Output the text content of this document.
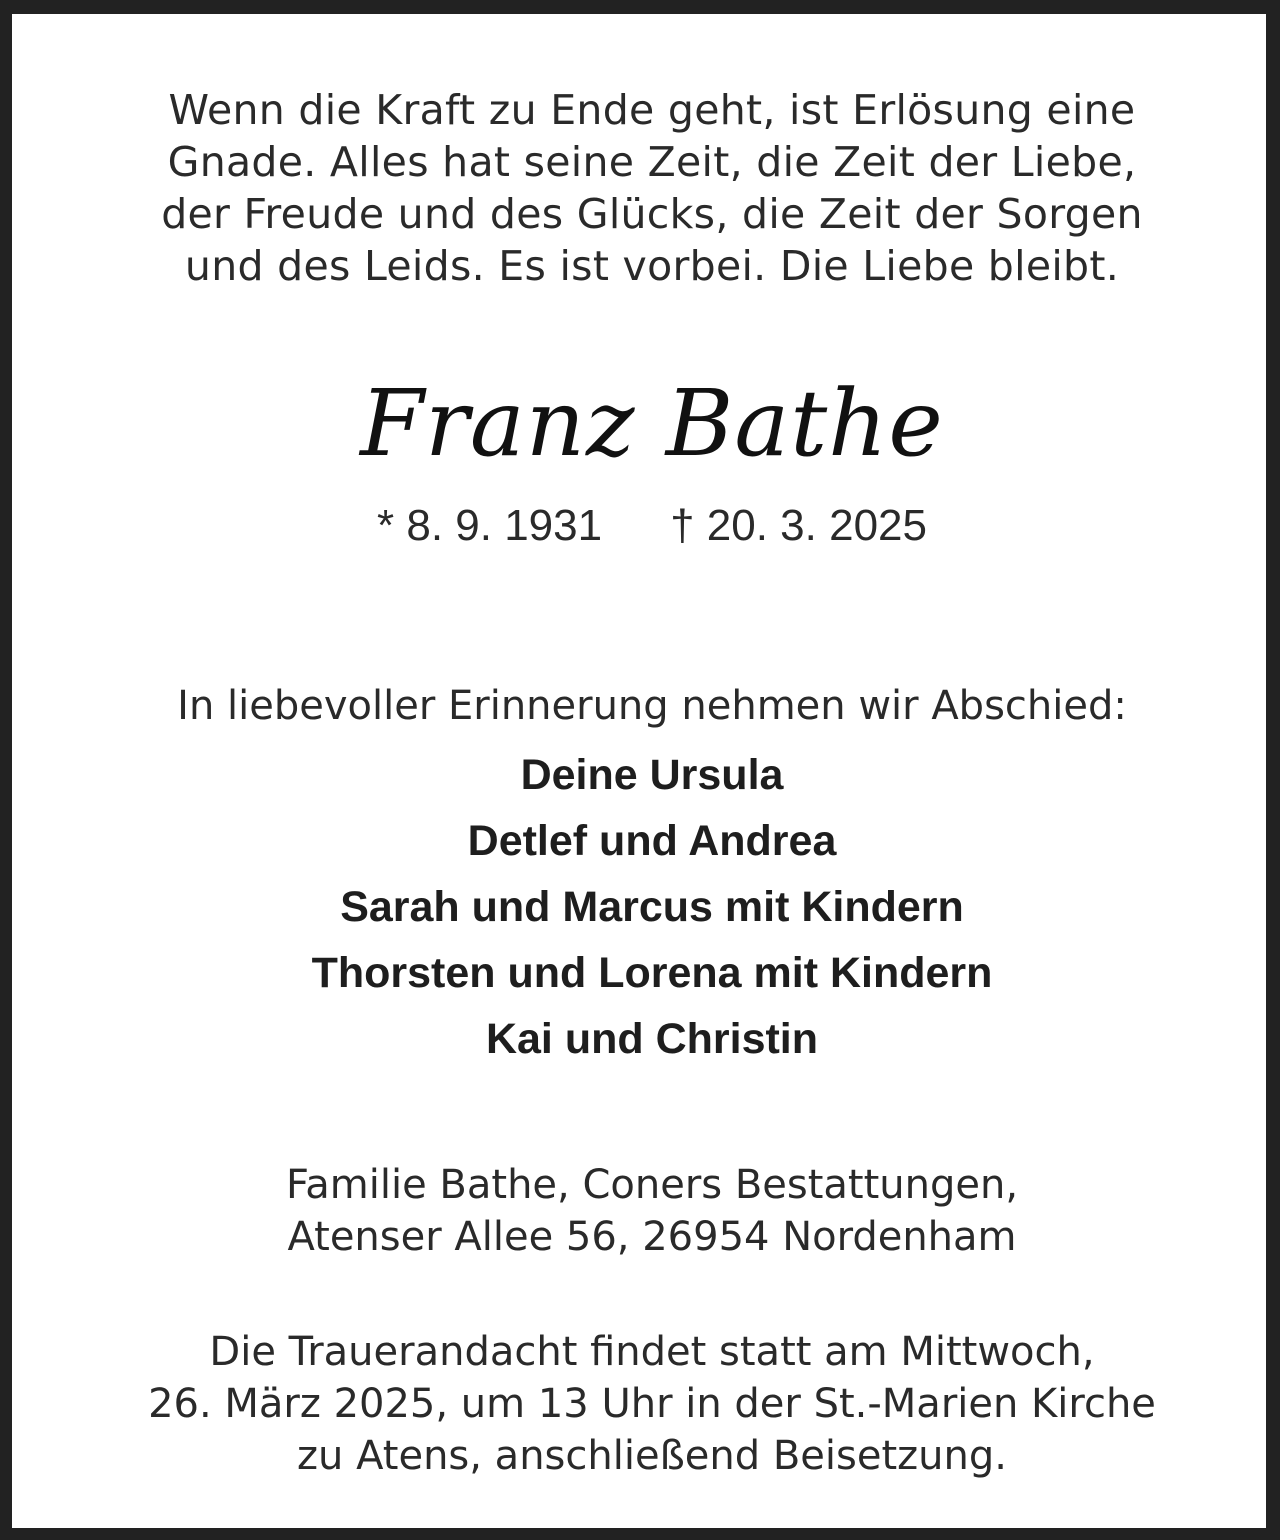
Wenn die Kraft zu Ende geht, ist Erlösung eine
Gnade. Alles hat seine Zeit, die Zeit der Liebe,
der Freude und des Glücks, die Zeit der Sorgen
und des Leids. Es ist vorbei. Die Liebe bleibt.
Franz Bathe
* 8. 9. 1931 † 20. 3. 2025
In liebevoller Erinnerung nehmen wir Abschied:
Deine Ursula
Detlef und Andrea
Sarah und Marcus mit Kindern
Thorsten und Lorena mit Kindern
Kai und Christin
Familie Bathe, Coners Bestattungen,
Atenser Allee 56, 26954 Nordenham
Die Trauerandacht findet statt am Mittwoch,
26. März 2025, um 13 Uhr in der St.-Marien Kirche
zu Atens, anschließend Beisetzung.
